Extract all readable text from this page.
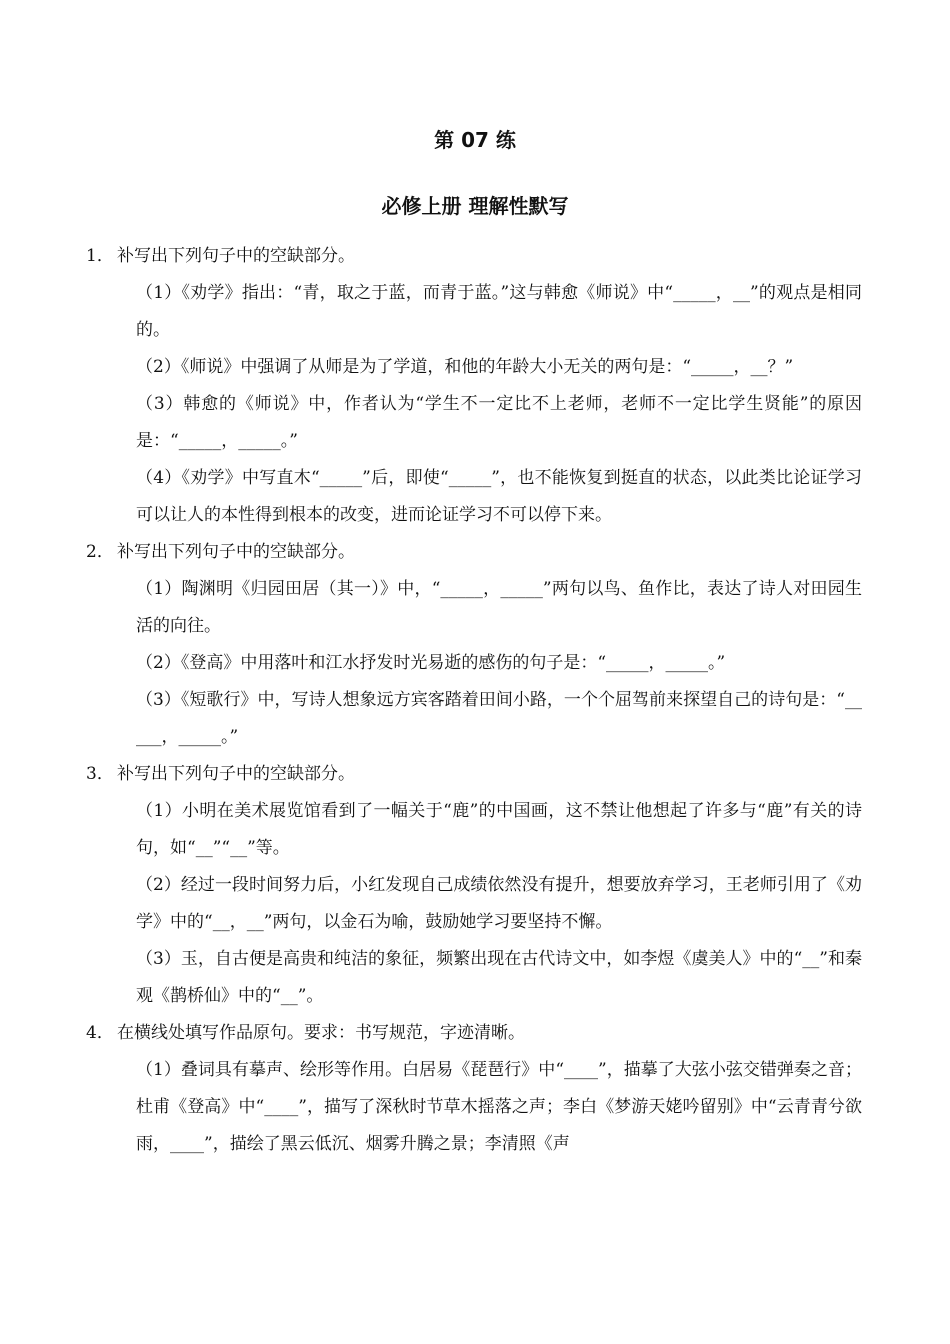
第 07 练
必修上册 理解性默写
1． 补写出下列句子中的空缺部分。
（1）《劝学》指出：“青，取之于蓝，而青于蓝。”这与韩愈《师说》中“_____，__”的观点是相同的。
（2）《师说》中强调了从师是为了学道，和他的年龄大小无关的两句是：“_____，__？”
（3）韩愈的《师说》中，作者认为“学生不一定比不上老师，老师不一定比学生贤能”的原因是：“_____，_____。”
（4）《劝学》中写直木“_____”后，即使“_____”，也不能恢复到挺直的状态，以此类比论证学习可以让人的本性得到根本的改变，进而论证学习不可以停下来。
2． 补写出下列句子中的空缺部分。
（1）陶渊明《归园田居（其一）》中，“_____，_____”两句以鸟、鱼作比，表达了诗人对田园生活的向往。
（2）《登高》中用落叶和江水抒发时光易逝的感伤的句子是：“_____，_____。”
（3）《短歌行》中，写诗人想象远方宾客踏着田间小路，一个个屈驾前来探望自己的诗句是：“_____，_____。”
3． 补写出下列句子中的空缺部分。
（1）小明在美术展览馆看到了一幅关于“鹿”的中国画，这不禁让他想起了许多与“鹿”有关的诗句，如“__”“__”等。
（2）经过一段时间努力后，小红发现自己成绩依然没有提升，想要放弃学习，王老师引用了《劝学》中的“__，__”两句，以金石为喻，鼓励她学习要坚持不懈。
（3）玉，自古便是高贵和纯洁的象征，频繁出现在古代诗文中，如李煜《虞美人》中的“__”和秦观《鹊桥仙》中的“__”。
4． 在横线处填写作品原句。要求：书写规范，字迹清晰。
（1）叠词具有摹声、绘形等作用。白居易《琵琶行》中“____”，描摹了大弦小弦交错弹奏之音；杜甫《登高》中“____”，描写了深秋时节草木摇落之声；李白《梦游天姥吟留别》中“云青青兮欲雨，____”，描绘了黑云低沉、烟雾升腾之景；李清照《声
